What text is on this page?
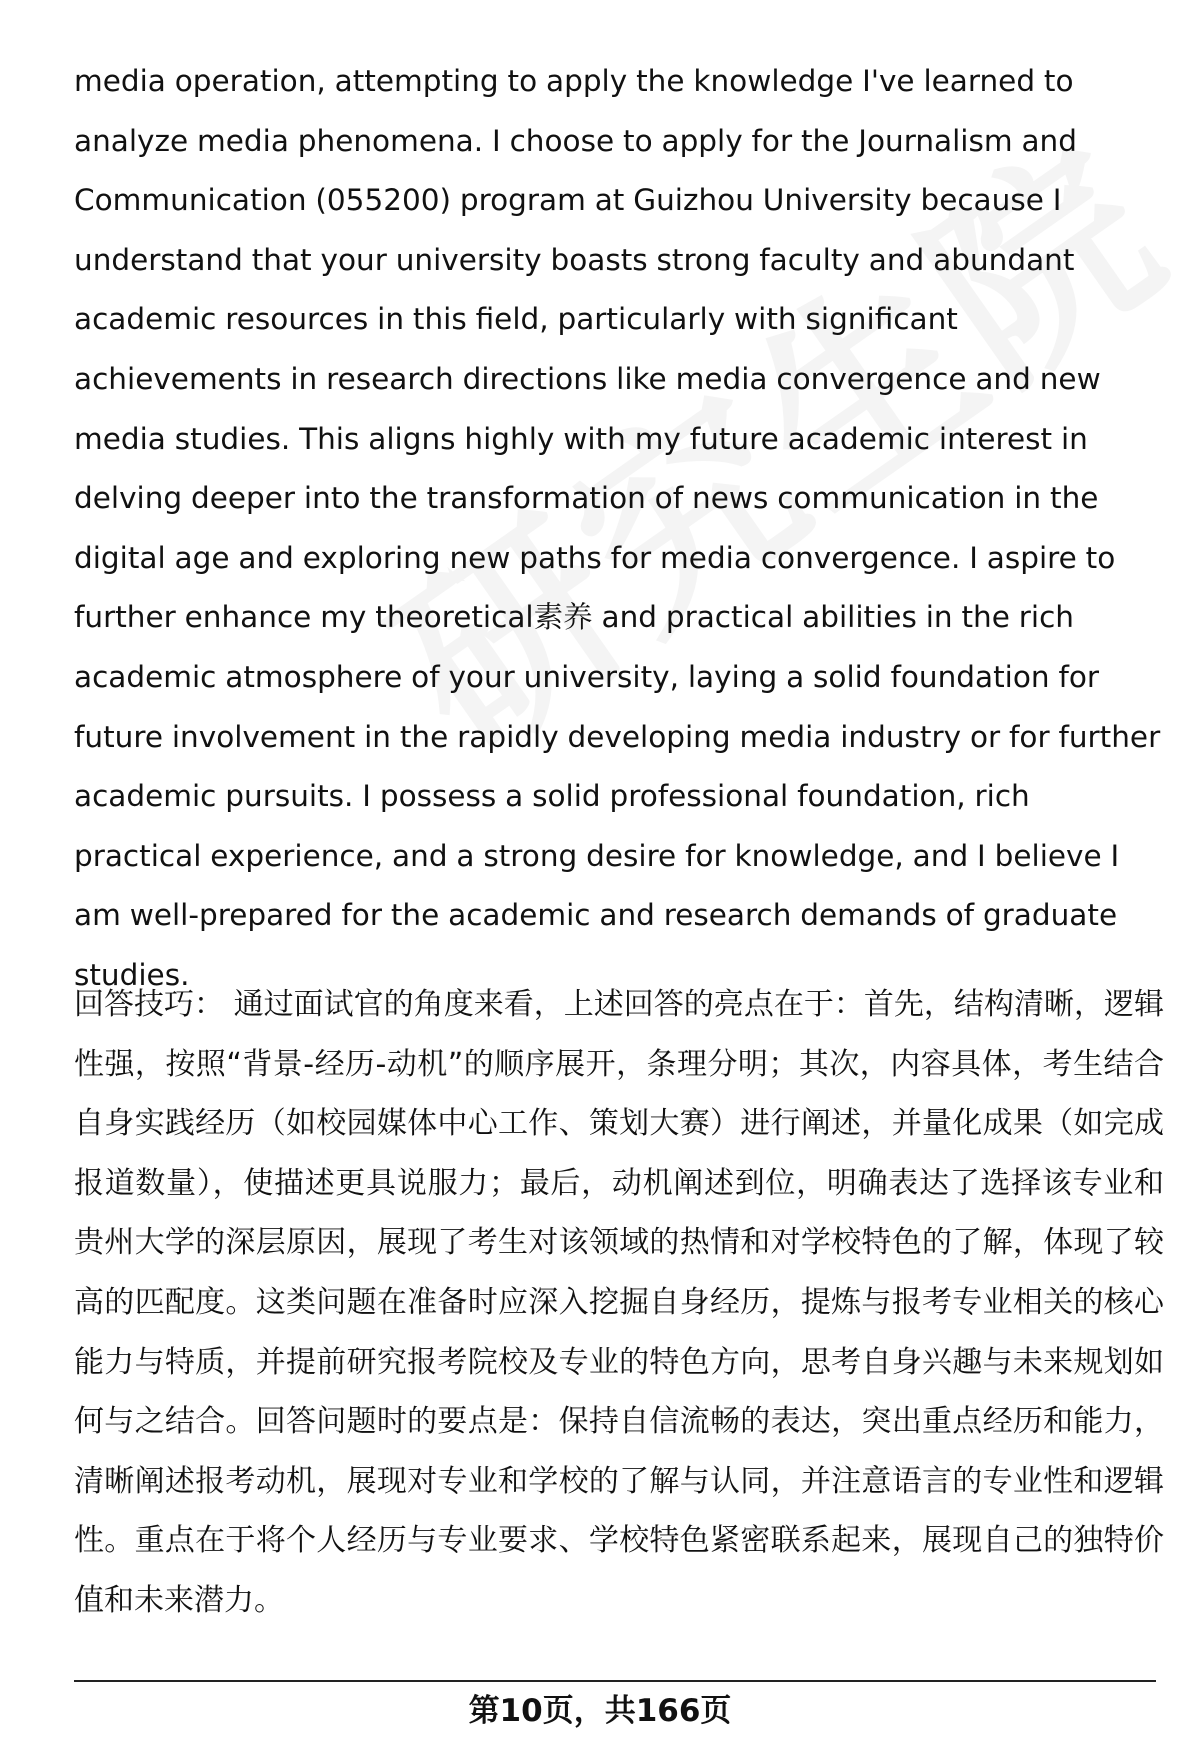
media operation, attempting to apply the knowledge I've learned to analyze media phenomena. I choose to apply for the Journalism and Communication (055200) program at Guizhou University because I understand that your university boasts strong faculty and abundant academic resources in this field, particularly with significant achievements in research directions like media convergence and new media studies. This aligns highly with my future academic interest in delving deeper into the transformation of news communication in the digital age and exploring new paths for media convergence. I aspire to further enhance my theoretical素养 and practical abilities in the rich academic atmosphere of your university, laying a solid foundation for future involvement in the rapidly developing media industry or for further academic pursuits. I possess a solid professional foundation, rich practical experience, and a strong desire for knowledge, and I believe I am well-prepared for the academic and research demands of graduate studies.

回答技巧： 通过面试官的角度来看，上述回答的亮点在于：首先，结构清晰，逻辑性强，按照“背景-经历-动机”的顺序展开，条理分明；其次，内容具体，考生结合自身实践经历（如校园媒体中心工作、策划大赛）进行阐述，并量化成果（如完成报道数量），使描述更具说服力；最后，动机阐述到位，明确表达了选择该专业和贵州大学的深层原因，展现了考生对该领域的热情和对学校特色的了解，体现了较高的匹配度。这类问题在准备时应深入挖掘自身经历，提炼与报考专业相关的核心能力与特质，并提前研究报考院校及专业的特色方向，思考自身兴趣与未来规划如何与之结合。回答问题时的要点是：保持自信流畅的表达，突出重点经历和能力，清晰阐述报考动机，展现对专业和学校的了解与认同，并注意语言的专业性和逻辑性。重点在于将个人经历与专业要求、学校特色紧密联系起来，展现自己的独特价值和未来潜力。

第10页，共166页
